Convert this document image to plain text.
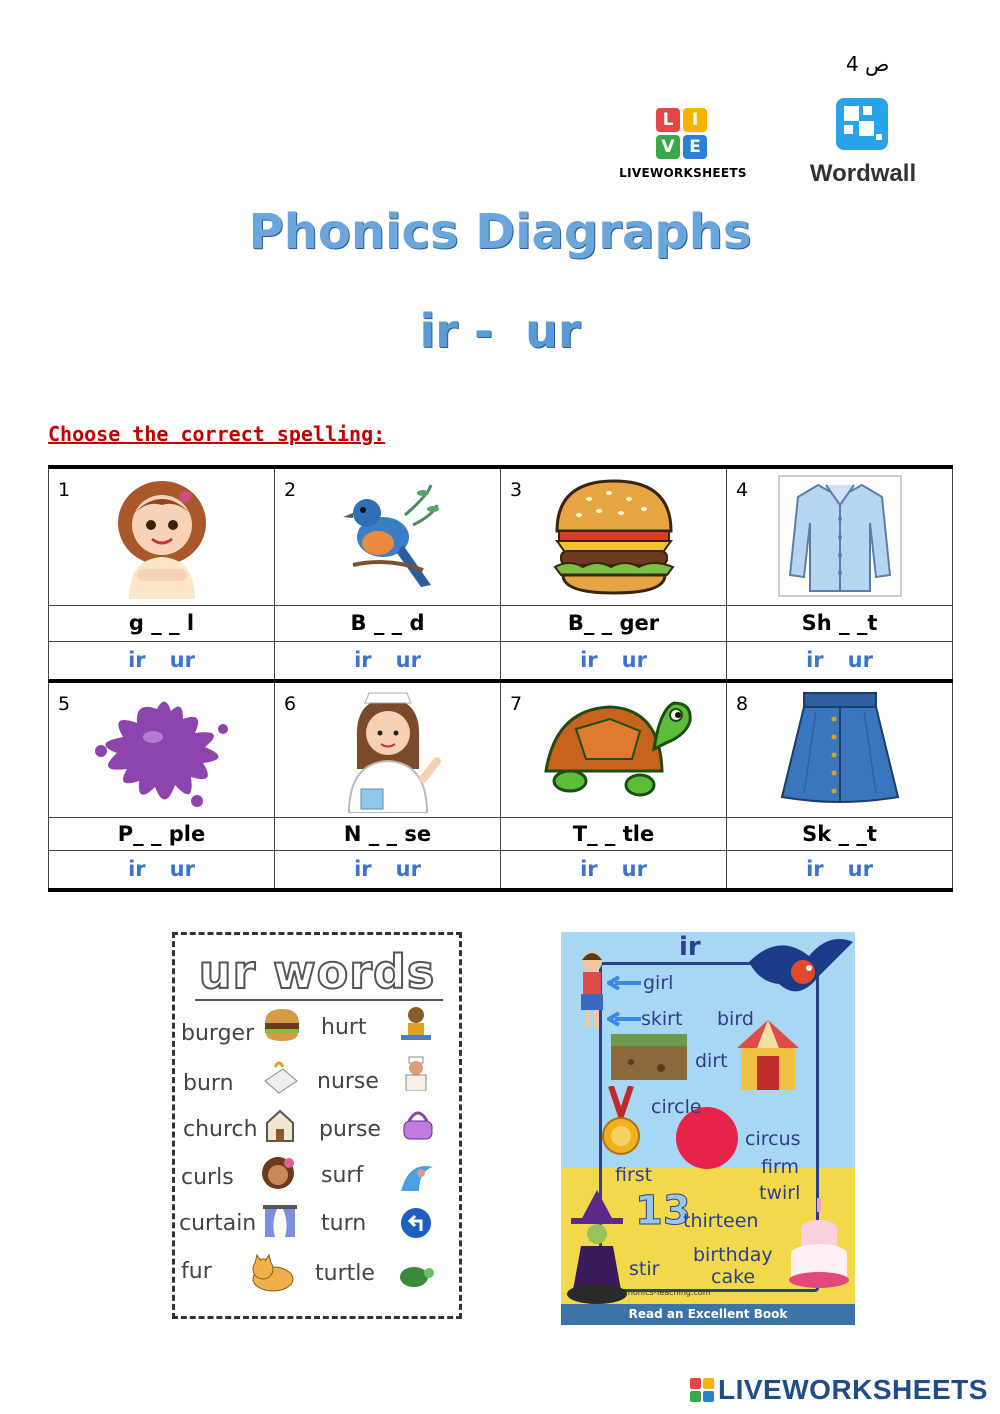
ص 4
L	I
V E
LIVEWORKSHEETS	Wordwall
Phonics Diagraphs
ir -  ur
Choose the correct spelling:
1	2	3	4
g _ _ l	B _ _ d	B_ _ ger	Sh _ _t
ir ur	ir ur	ir ur	ir ur
5	6	7	8
P_ _ ple	N _ _ se	T_ _ tle	Sk _ _t
ir ur	ir ur	ir ur	ir ur
ur words
burger
burn
church
curls
curtain
fur
hurt
nurse
purse
surf
turn
turtle
ir
girl
skirt bird
dirt
circle
circus
firm
twirl
first
13
thirteen
birthday
cake
stir
Phonics-Teaching.com
Read an Excellent Book
LIVEWORKSHEETS
